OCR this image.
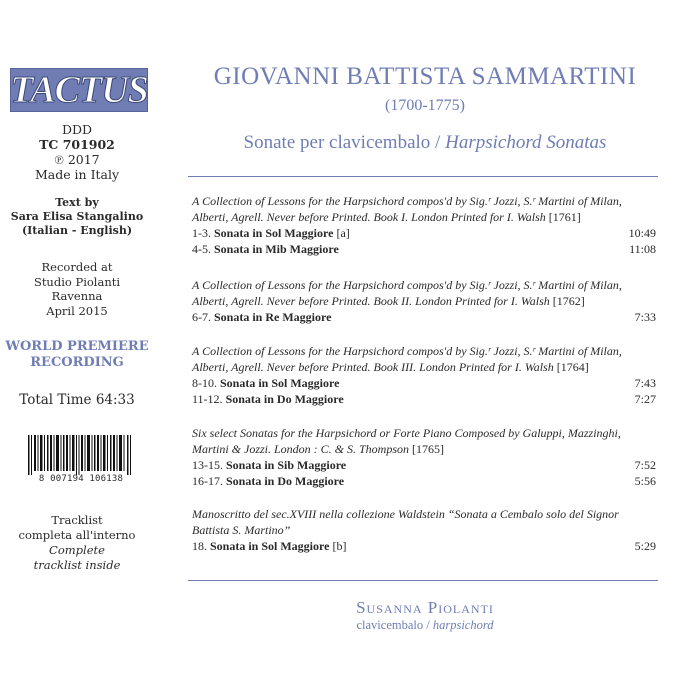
TACTUS
DDD
TC 701902
℗ 2017
Made in Italy
Text by
Sara Elisa Stangalino
(Italian - English)
Recorded at
Studio Piolanti
Ravenna
April 2015
WORLD PREMIERE
RECORDING
Total Time 64:33
8 007194 106138
Tracklist
completa all'interno
Complete
tracklist inside
GIOVANNI BATTISTA SAMMARTINI
(1700-1775)
Sonate per clavicembalo / Harpsichord Sonatas
A Collection of Lessons for the Harpsichord compos'd by Sig.ʳ Jozzi, S.ʳ Martini of Milan,
Alberti, Agrell. Never before Printed. Book I. London Printed for I. Walsh [1761]
1-3. Sonata in Sol Maggiore [a]	10:49
4-5. Sonata in Mib Maggiore	11:08
A Collection of Lessons for the Harpsichord compos'd by Sig.ʳ Jozzi, S.ʳ Martini of Milan,
Alberti, Agrell. Never before Printed. Book II. London Printed for I. Walsh [1762]
6-7. Sonata in Re Maggiore	7:33
A Collection of Lessons for the Harpsichord compos'd by Sig.ʳ Jozzi, S.ʳ Martini of Milan,
Alberti, Agrell. Never before Printed. Book III. London Printed for I. Walsh [1764]
8-10. Sonata in Sol Maggiore	7:43
11-12. Sonata in Do Maggiore	7:27
Six select Sonatas for the Harpsichord or Forte Piano Composed by Galuppi, Mazzinghi,
Martini & Jozzi. London : C. & S. Thompson [1765]
13-15. Sonata in Sib Maggiore	7:52
16-17. Sonata in Do Maggiore	5:56
Manoscritto del sec.XVIII nella collezione Waldstein “Sonata a Cembalo solo del Signor
Battista S. Martino”
18. Sonata in Sol Maggiore [b]	5:29
Susanna Piolanti
clavicembalo / harpsichord
